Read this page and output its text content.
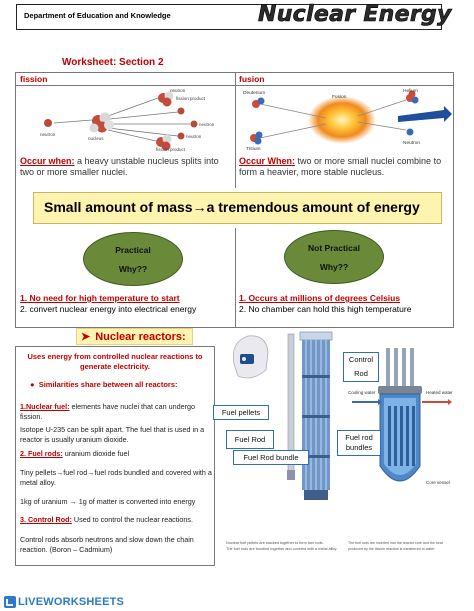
Department of Education and Knowledge	Nuclear Energy
Worksheet: Section 2
fission	fusion
neutron
nucleus
neutron
fission product
neutron
neutron
fission product
Deuterium	Helium
Fusion
Tritium
Neutron
Energy
Occur when: a heavy unstable nucleus splits into two or more smaller nuclei.
Occur When: two or more small nuclei combine to form a heavier, more stable nucleus.
Small amount of mass→a tremendous amount of energy
Practical
Why??
Not Practical
Why??
1. No need for high temperature to start
2. convert nuclear energy into electrical energy
1. Occurs at millions of degrees Celsius
2. No chamber can hold this high temperature
➤ Nuclear reactors:
Uses energy from controlled nuclear reactions to generate electricity.
● Similarities share between all reactors:
1.Nuclear fuel: elements have nuclei that can undergo fission.
Isotope U-235 can be split apart. The fuel that is used in a reactor is usually uranium dioxide.
2. Fuel rods: uranium dioxide fuel
Tiny pellets→fuel rod→fuel rods bundled and covered with a metal alloy.
1kg of uranium → 1g of matter is converted into energy
3. Control Rod: Used to control the nuclear reactions.
Control rods absorb neutrons and slow down the chain reaction. (Boron – Cadmium)
Nuclear fuel pellets are stacked together to form fuel rods.
The fuel rods are bundled together and covered with a metal alloy.
Cooling water	Heated water
Core vessel
The fuel rods are inserted into the reactor core and the heat
produced by the fission reaction is transferred to water.
Fuel pellets
Fuel Rod
Fuel Rod bundle
Control
Rod
Fuel rod
bundles
LIVEWORKSHEETS
